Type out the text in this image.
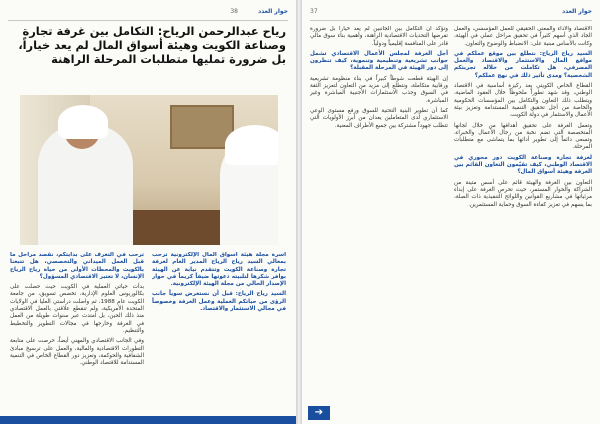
حوار العدد
38
رياح عبدالرحمن الرياح: التكامل بين غرفة تجارة وصناعة الكويت وهيئة أسواق المال لم يعد خياراً، بل ضرورة تمليها متطلبات المرحلة الراهنة

أسرة مجلة هيئة أسواق المال الإلكترونية ترحب بمعالي السيد رياح الرياح المدير العام لغرفة تجارة وصناعة الكويت وتتقدم نيابة عن الهيئة بوافر شكرها لتلبيته دعوتها ضيفاً كريماً في حوار الإصدار الحالي من مجلة الهيئة الإلكترونية.

السيد رياح الرياح: قبل أن نستعرض سوياً جانب الرؤى من حياتكم العملية وعمل الغرفة وخصوصاً في مجالي الاستثمار والاقتصاد.

ترحب في التعرف على بدايتكم، نقصد مراحل ما قبل العمل الميداني والتخصصي، هل تتبعنا بالكويت والمحطات الأولى من حياة رياح الرياح الإنسان، لا تعتبر الاقتصادي المسؤول؟

بدأت حياتي العملية في الكويت حيث حصلت على بكالوريوس العلوم الإدارية، تخصص تسويق، من جامعة الكويت عام 1988، ثم واصلت دراستي العليا في الولايات المتحدة الأمريكية، ولم تنقطع علاقتي بالعمل الاقتصادي منذ ذلك الحين، بل امتدت عبر سنوات طويلة من العمل في الغرفة وخارجها في مجالات التطوير والتخطيط والتنظيم.

وفي الجانب الاقتصادي والمهني أيضاً، حرصت على متابعة التطورات الاقتصادية والمالية، والعمل على ترسيخ مبادئ الشفافية والحوكمة، وتعزيز دور القطاع الخاص في التنمية المستدامة للاقتصاد الوطني.

حوار العدد
37

الاقتصاد والأداء والمعنى الحقيقي للعمل المؤسسي، والعمل الجاد الذي أسهم كثيراً في تحقيق مراحل عملي في الهيئة، وكانت بالأساس مبنية على: الانضباط والوضوح والتعاون.

السيد رياح الرياح: نتطلع بين موقع عملكم في مواقع المال والاستثمار والاقتصاد والعمل المصرفي، هل تكاملت من خلاله تجربتكم الشخصية؟ ومدى تأثير ذلك في نهج عملكم؟

القطاع الخاص الكويتي يعد ركيزة أساسية في الاقتصاد الوطني، وقد شهد تطوراً ملحوظاً خلال العقود الماضية، ويتطلب ذلك التعاون والتكامل بين المؤسسات الحكومية والخاصة من أجل تحقيق التنمية المستدامة وتعزيز بيئة الأعمال والاستثمار في دولة الكويت.

وتعمل الغرفة على تحقيق أهدافها من خلال لجانها المتخصصة التي تضم نخبة من رجال الأعمال والخبراء، وتسعى دائماً إلى تطوير أدائها بما يتماشى مع متطلبات المرحلة.

لغرفة تجارة وصناعة الكويت دور محوري في الاقتصاد الوطني، كيف تقيّمون التعاون القائم بين الغرفة وهيئة أسواق المال؟

التعاون بين الغرفة والهيئة قائم على أسس متينة من الشراكة والحوار المستمر، حيث تحرص الغرفة على إبداء مرئياتها في مشاريع القوانين واللوائح التنفيذية ذات الصلة، بما يسهم في تعزيز كفاءة السوق وحماية المستثمرين.

ونؤكد أن التكامل بين الجانبين لم يعد خياراً بل ضرورة تفرضها التحديات الاقتصادية الراهنة، وأهمية بناء سوق مالي قادر على المنافسة إقليمياً ودولياً.

أجل الغرفة لمجلس الأعمال الاقتصادي تشمل جوانب تشريعية وتنظيمية وتنموية، كيف تنظرون إلى دور الهيئة في المرحلة المقبلة؟

إن الهيئة قطعت شوطاً كبيراً في بناء منظومة تشريعية ورقابية متكاملة، ونتطلع إلى مزيد من التعاون لتعزيز الثقة في السوق وجذب الاستثمارات الأجنبية المباشرة وغير المباشرة.

كما أن تطوير البنية التحتية للسوق ورفع مستوى الوعي الاستثماري لدى المتعاملين يعدان من أبرز الأولويات التي تتطلب جهوداً مشتركة بين جميع الأطراف المعنية.

➔
